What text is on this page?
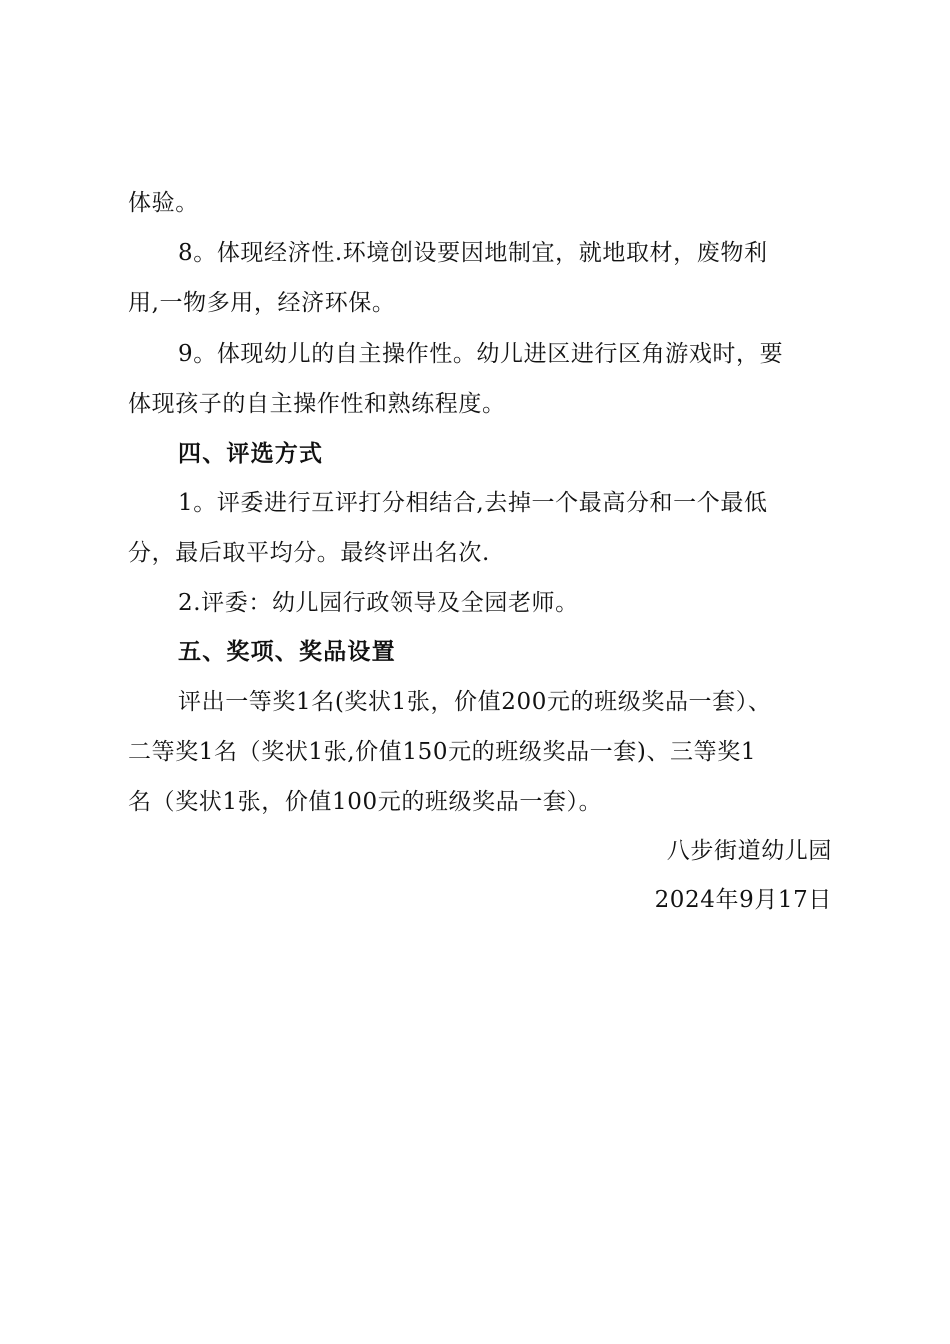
体验。
8。体现经济性.环境创设要因地制宜，就地取材，废物利
用,一物多用，经济环保。
9。体现幼儿的自主操作性。幼儿进区进行区角游戏时，要
体现孩子的自主操作性和熟练程度。
四、评选方式
1。评委进行互评打分相结合,去掉一个最高分和一个最低
分，最后取平均分。最终评出名次.
2.评委：幼儿园行政领导及全园老师。
五、奖项、奖品设置
评出一等奖1名(奖状1张，价值200元的班级奖品一套）、
二等奖1名（奖状1张,价值150元的班级奖品一套)、三等奖1
名（奖状1张，价值100元的班级奖品一套）。
八步街道幼儿园
2024年9月17日
